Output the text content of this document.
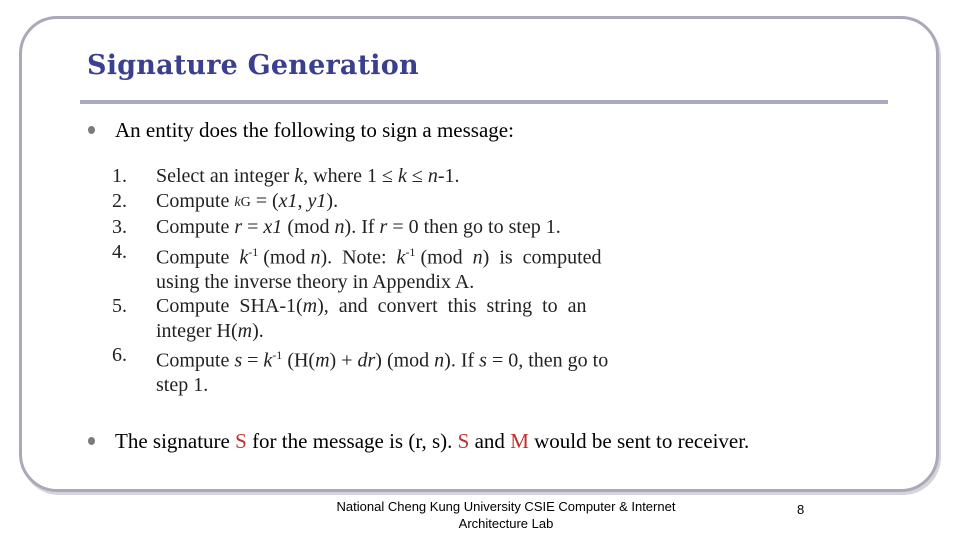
Signature Generation
An entity does the following to sign a message:
1.	Select an integer k, where 1 ≤ k ≤ n-1.
2.	Compute kG = (x1, y1).
3.	Compute r = x1 (mod n). If r = 0 then go to step 1.
4.	Compute  $k^{-1}$ (mod n).  Note:  $k^{-1}$ (mod  n)  is  computed
using the inverse theory in Appendix A.
5.	Compute  SHA-1(m),  and  convert  this  string  to  an
integer H(m).
6.	Compute $s = k^{-1}$ (H(m) + dr) (mod n). If s = 0, then go to
step 1.
The signature S for the message is (r, s). S and M would be sent to receiver.
National Cheng Kung University CSIE Computer & Internet Architecture Lab
8
